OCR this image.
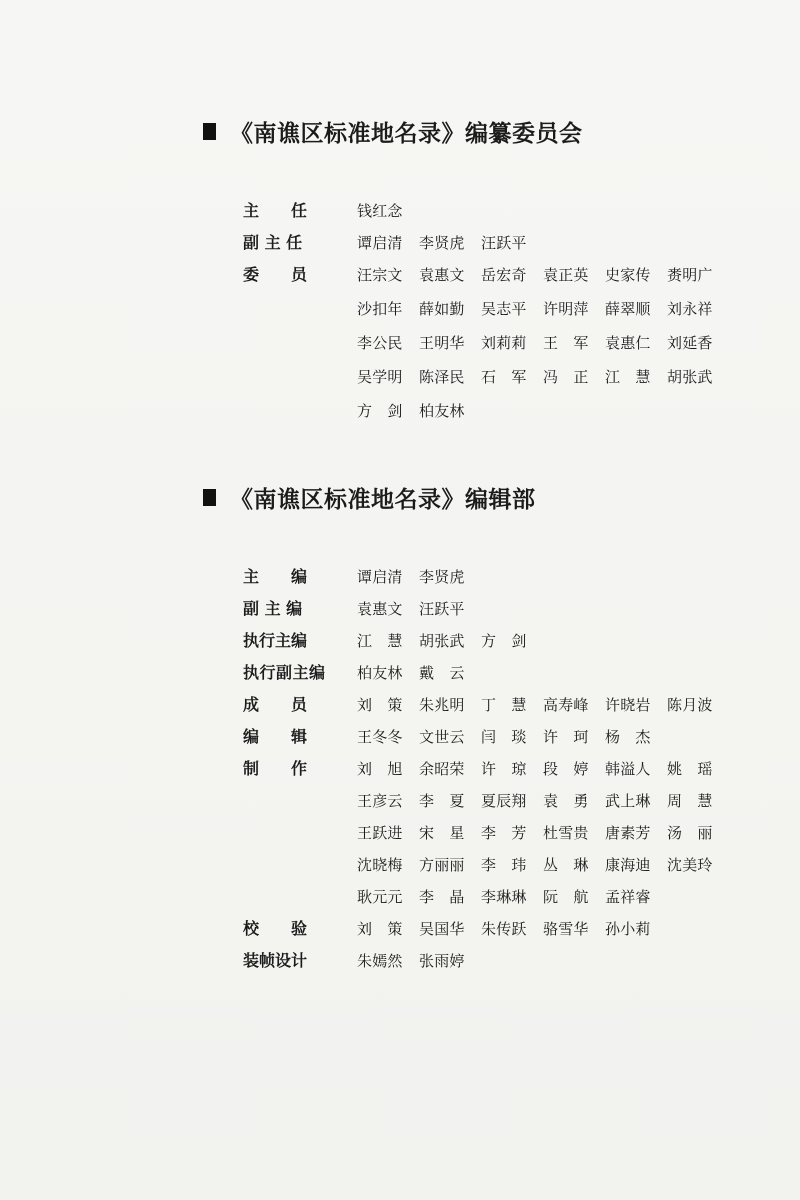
《南谯区标准地名录》编纂委员会
主　　任	钱红念
副 主 任	谭启清	李贤虎	汪跃平
委　　员	汪宗文	袁惠文	岳宏奇	袁正英	史家传	赉明广
沙扣年	薛如勤	吴志平	许明萍	薛翠顺	刘永祥
李公民	王明华	刘莉莉	王　军	袁惠仁	刘延香
吴学明	陈泽民	石　军	冯　正	江　慧	胡张武
方　剑	柏友林
《南谯区标准地名录》编辑部
主　　编	谭启清	李贤虎
副 主 编	袁惠文	汪跃平
执行主编	江　慧	胡张武	方　剑
执行副主编 柏友林	戴　云
成　　员	刘　策	朱兆明	丁　慧	高寿峰	许晓岩	陈月波
编　　辑	王冬冬	文世云	闫　琰	许　珂	杨　杰
制　　作	刘　旭	余昭荣	许　琼	段　婷	韩溢人	姚　瑶
王彦云	李　夏	夏辰翔	袁　勇	武上琳	周　慧
王跃进	宋　星	李　芳	杜雪贵	唐素芳	汤　丽
沈晓梅	方丽丽	李　玮	丛　琳	康海迪	沈美玲
耿元元	李　晶	李琳琳	阮　航	孟祥睿
校　　验	刘　策	吴国华	朱传跃	骆雪华	孙小莉
装帧设计	朱嫣然	张雨婷
